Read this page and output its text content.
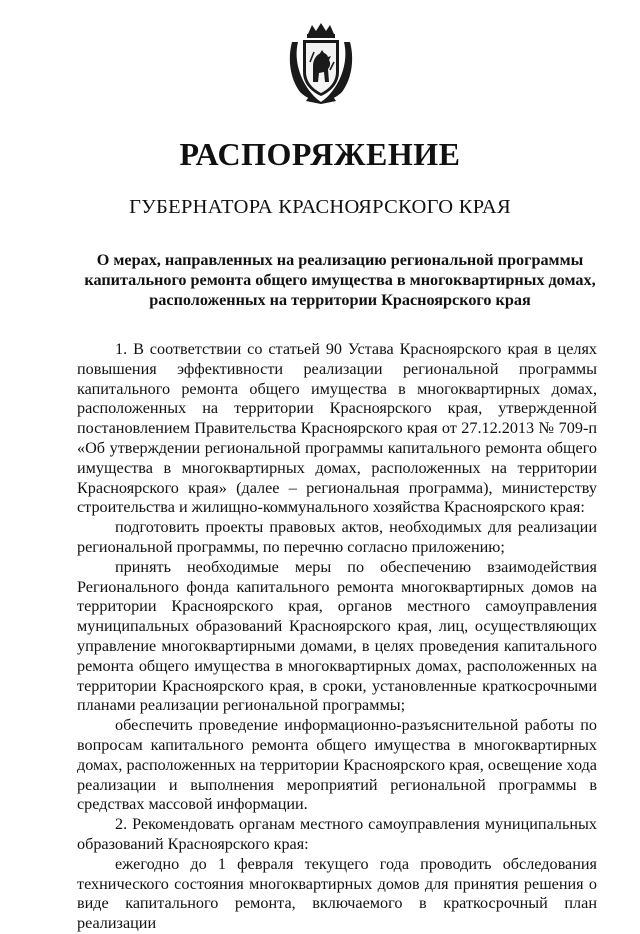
РАСПОРЯЖЕНИЕ
ГУБЕРНАТОРА КРАСНОЯРСКОГО КРАЯ
О мерах, направленных на реализацию региональной программы
капитального ремонта общего имущества в многоквартирных домах,
расположенных на территории Красноярского края

1. В соответствии со статьей 90 Устава Красноярского края в целях повышения эффективности реализации региональной программы капитального ремонта общего имущества в многоквартирных домах, расположенных на территории Красноярского края, утвержденной постановлением Правительства Красноярского края от 27.12.2013 № 709-п «Об утверждении региональной программы капитального ремонта общего имущества в многоквартирных домах, расположенных на территории Красноярского края» (далее – региональная программа), министерству строительства и жилищно-коммунального хозяйства Красноярского края:

подготовить проекты правовых актов, необходимых для реализации региональной программы, по перечню согласно приложению;

принять необходимые меры по обеспечению взаимодействия Регионального фонда капитального ремонта многоквартирных домов на территории Красноярского края, органов местного самоуправления муниципальных образований Красноярского края, лиц, осуществляющих управление многоквартирными домами, в целях проведения капитального ремонта общего имущества в многоквартирных домах, расположенных на территории Красноярского края, в сроки, установленные краткосрочными планами реализации региональной программы;

обеспечить проведение информационно-разъяснительной работы по вопросам капитального ремонта общего имущества в многоквартирных домах, расположенных на территории Красноярского края, освещение хода реализации и выполнения мероприятий региональной программы в средствах массовой информации.

2. Рекомендовать органам местного самоуправления муниципальных образований Красноярского края:

ежегодно до 1 февраля текущего года проводить обследования технического состояния многоквартирных домов для принятия решения о виде капитального ремонта, включаемого в краткосрочный план реализации
